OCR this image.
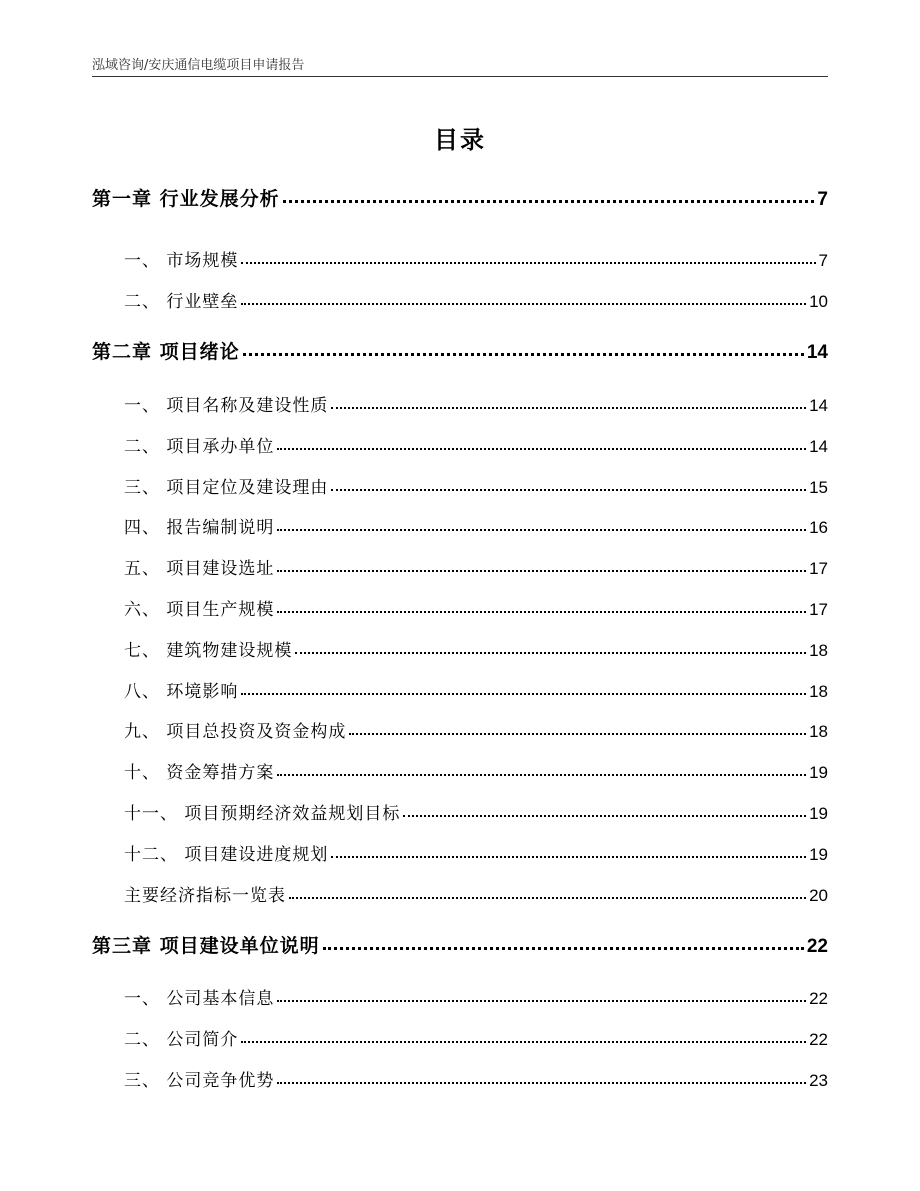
泓域咨询/安庆通信电缆项目申请报告
目录
第一章 行业发展分析	7
一、 市场规模	7
二、 行业壁垒	10
第二章 项目绪论	14
一、 项目名称及建设性质	14
二、 项目承办单位	14
三、 项目定位及建设理由	15
四、 报告编制说明	16
五、 项目建设选址	17
六、 项目生产规模	17
七、 建筑物建设规模	18
八、 环境影响	18
九、 项目总投资及资金构成	18
十、 资金筹措方案	19
十一、 项目预期经济效益规划目标	19
十二、 项目建设进度规划	19
主要经济指标一览表	20
第三章 项目建设单位说明	22
一、 公司基本信息	22
二、 公司简介	22
三、 公司竞争优势	23
